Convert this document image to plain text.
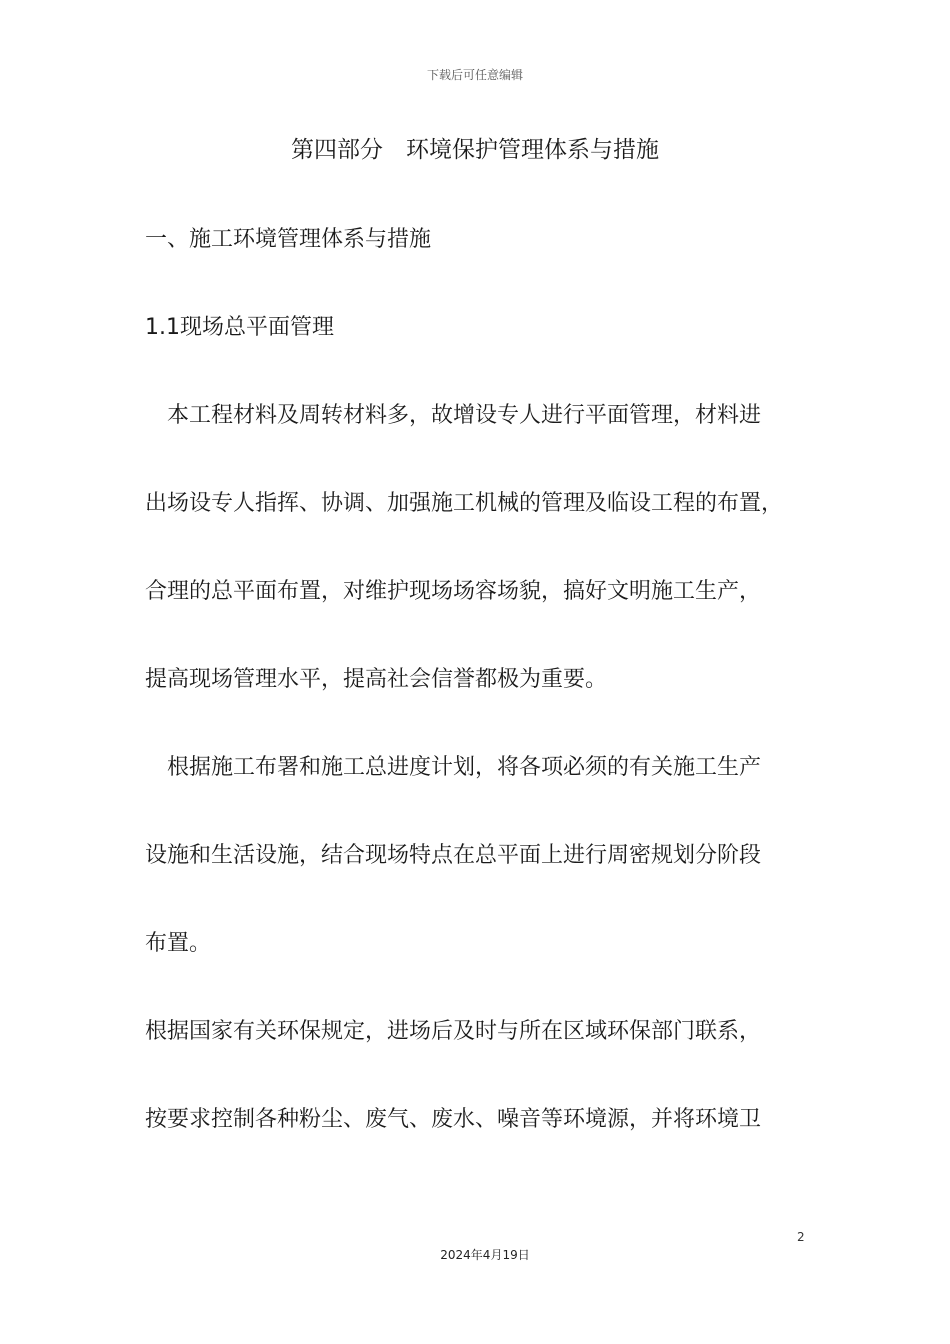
下载后可任意编辑
第四部分　环境保护管理体系与措施
一、施工环境管理体系与措施
1.1现场总平面管理
本工程材料及周转材料多，故增设专人进行平面管理，材料进
出场设专人指挥、协调、加强施工机械的管理及临设工程的布置，
合理的总平面布置，对维护现场场容场貌，搞好文明施工生产，
提高现场管理水平，提高社会信誉都极为重要。
根据施工布署和施工总进度计划，将各项必须的有关施工生产
设施和生活设施，结合现场特点在总平面上进行周密规划分阶段
布置。
根据国家有关环保规定，进场后及时与所在区域环保部门联系，
按要求控制各种粉尘、废气、废水、噪音等环境源，并将环境卫
2
2024年4月19日
